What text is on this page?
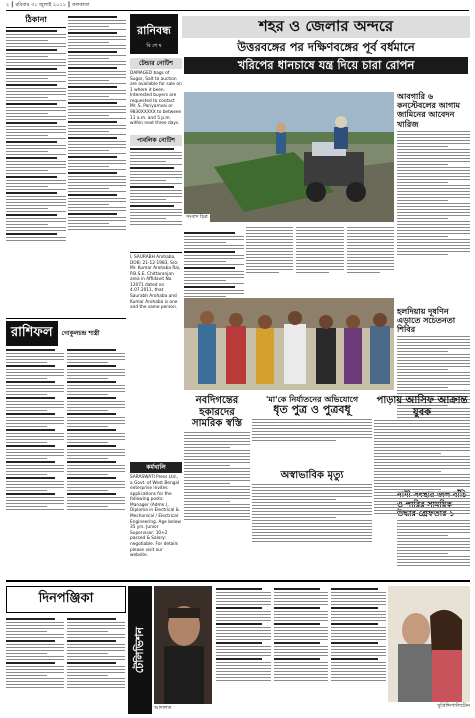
২ ║ রবিবার ৩১ জুলাই ২০১১ ║ কলকাতা
ঠিকানা
রাশিফল	গোকুলচন্দ্র শাস্ত্রী
রানিবন্ধ
বি শে ষ
টেন্ডার নোটিশ
DAMAGED bags of Sugar, Salt to auction are available for sale on 1 where it been. Interested buyers are requested to contact Mr. S. Pariyamvai or 9830XXXXX to between 11 a.m. and 5 p.m. within next three days.
পাবলিক নোটিশ
I, SAURABH Arohaba, DOB: 21-12-1983, S/o: Mr. Kumar Arohaba Rai, P.B.S.E. Chittaranjan area in Affidavit No. 12071 dated on 4.07.2011, that Saurabh Arohaba and Kumar Arohaba is one and the same person.
কর্মখালি
SARASWATI Press Ltd., a Govt. of West Bengal enterprise invites applications for the following posts: Manager (Admn.), Diploma in Electrical & Mechanical / Electrical Engineering. Age below 35 yrs. Junior Supervisor: 10+2 passed & Salary: negotiable. For details please visit our website.
শহর ও জেলার অন্দরে
উত্তরবঙ্গের পর দক্ষিণবঙ্গের পূর্ব বর্ধমানে
খরিপের ধানচাষে যন্ত্র দিয়ে চারা রোপন
সংবাদ চিত্র
আবগারি ৬ কনস্টেবলের আগাম জামিনের আবেদন খারিজ
হলদিয়ায় দূষণিন এড়াতে সচেতনতা শিবির
নবদিগন্তের হকারদের সামরিক স্বস্তি
'মা'কে নির্যাতনের অভিযোগে
ধৃত পুত্র ও পুত্রবধূ
পাড়ায় আসিফ আক্রান্ত যুবক
অস্বাভাবিক মৃত্যু
দিনপঞ্জিকা
টেলিভিশন
আদালত	সুপ্রিন্সিপালিটোন
